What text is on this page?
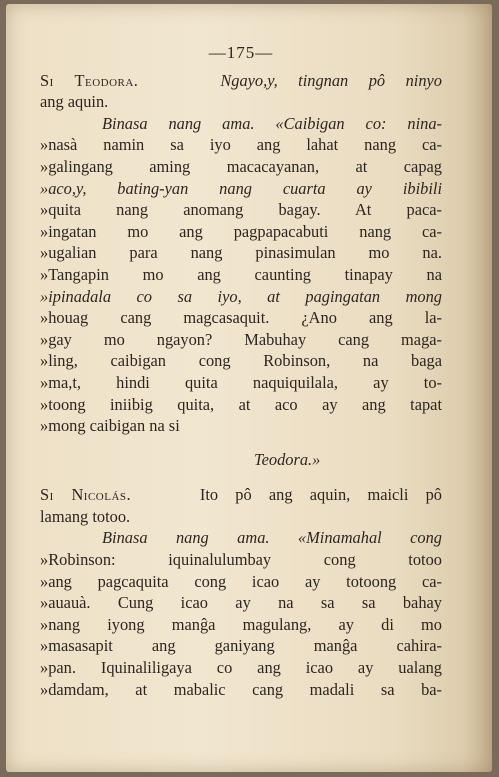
—175—
Si Teodora.	Ngayo,y, tingnan pô ninyo
ang aquin.
Binasa nang ama. «Caibigan co: nina-
»nasà namin sa iyo ang lahat nang ca-
»galingang aming macacayanan, at capag
»aco,y, bating-yan nang cuarta ay ibibili
»quita nang anomang bagay. At paca-
»ingatan mo ang pagpapacabuti nang ca-
»ugalian para nang pinasimulan mo na.
»Tangapin mo ang caunting tinapay na
»ipinadala co sa iyo, at pagingatan mong
»houag cang magcasaquit. ¿Ano ang la-
»gay mo ngayon? Mabuhay cang maga-
»ling, caibigan cong Robinson, na baga
»ma,t, hindi quita naquiquilala, ay to-
»toong iniibig quita, at aco ay ang tapat
»mong caibigan na si
Teodora.»
Si Nicolás.	Ito pô ang aquin, maicli pô
lamang totoo.
Binasa nang ama. «Minamahal cong
»Robinson: iquinalulumbay cong totoo
»ang pagcaquita cong icao ay totoong ca-
»auauà. Cung icao ay na sa sa bahay
»nang iyong manĝa magulang, ay di mo
»masasapit ang ganiyang manĝa cahira-
»pan. Iquinaliligaya co ang icao ay ualang
»damdam, at mabalic cang madali sa ba-
